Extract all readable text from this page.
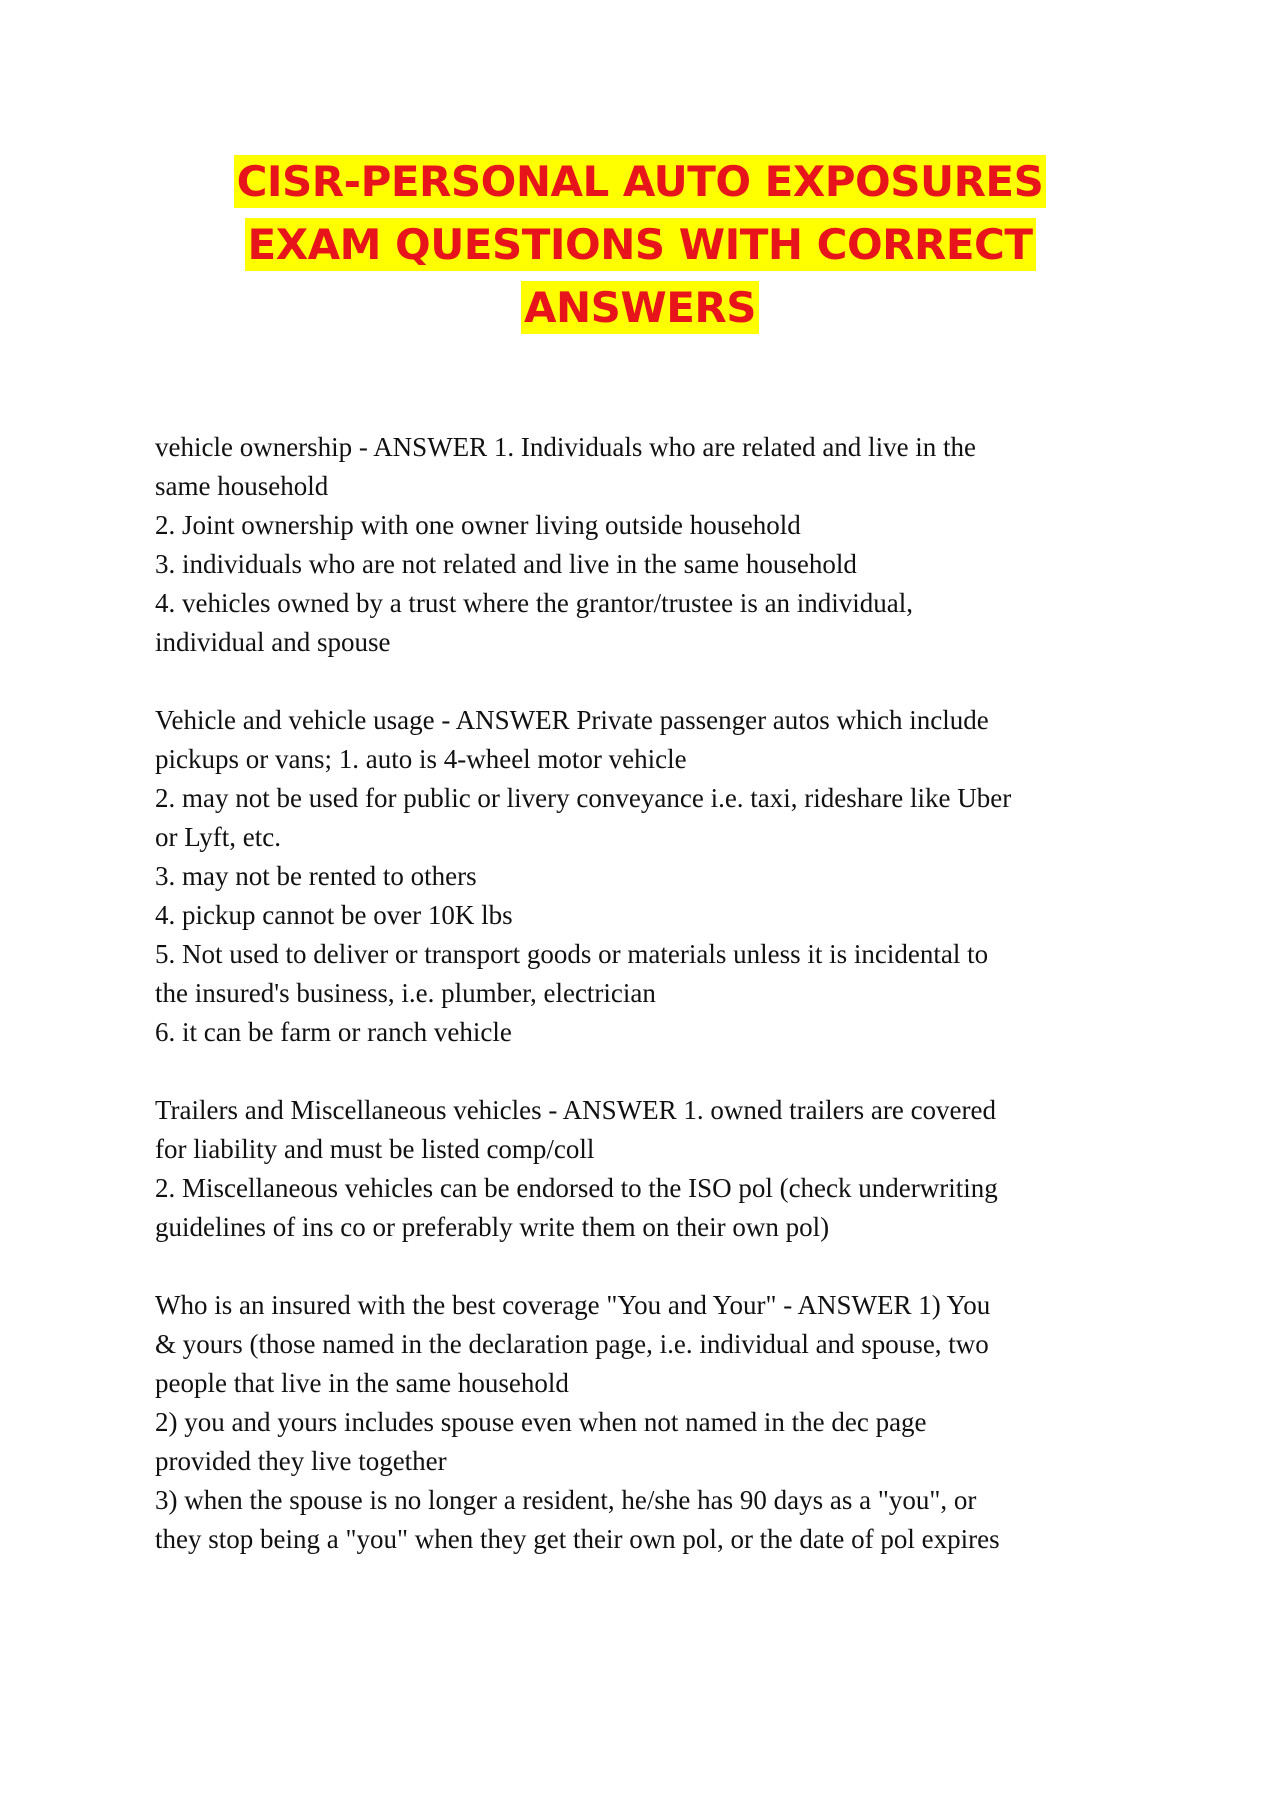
CISR-PERSONAL AUTO EXPOSURES
EXAM QUESTIONS WITH CORRECT
ANSWERS
vehicle ownership - ANSWER 1. Individuals who are related and live in the
same household
2. Joint ownership with one owner living outside household
3. individuals who are not related and live in the same household
4. vehicles owned by a trust where the grantor/trustee is an individual,
individual and spouse
Vehicle and vehicle usage - ANSWER Private passenger autos which include
pickups or vans; 1. auto is 4-wheel motor vehicle
2. may not be used for public or livery conveyance i.e. taxi, rideshare like Uber
or Lyft, etc.
3. may not be rented to others
4. pickup cannot be over 10K lbs
5. Not used to deliver or transport goods or materials unless it is incidental to
the insured's business, i.e. plumber, electrician
6. it can be farm or ranch vehicle
Trailers and Miscellaneous vehicles - ANSWER 1. owned trailers are covered
for liability and must be listed comp/coll
2. Miscellaneous vehicles can be endorsed to the ISO pol (check underwriting
guidelines of ins co or preferably write them on their own pol)
Who is an insured with the best coverage "You and Your" - ANSWER 1) You
& yours (those named in the declaration page, i.e. individual and spouse, two
people that live in the same household
2) you and yours includes spouse even when not named in the dec page
provided they live together
3) when the spouse is no longer a resident, he/she has 90 days as a "you", or
they stop being a "you" when they get their own pol, or the date of pol expires
